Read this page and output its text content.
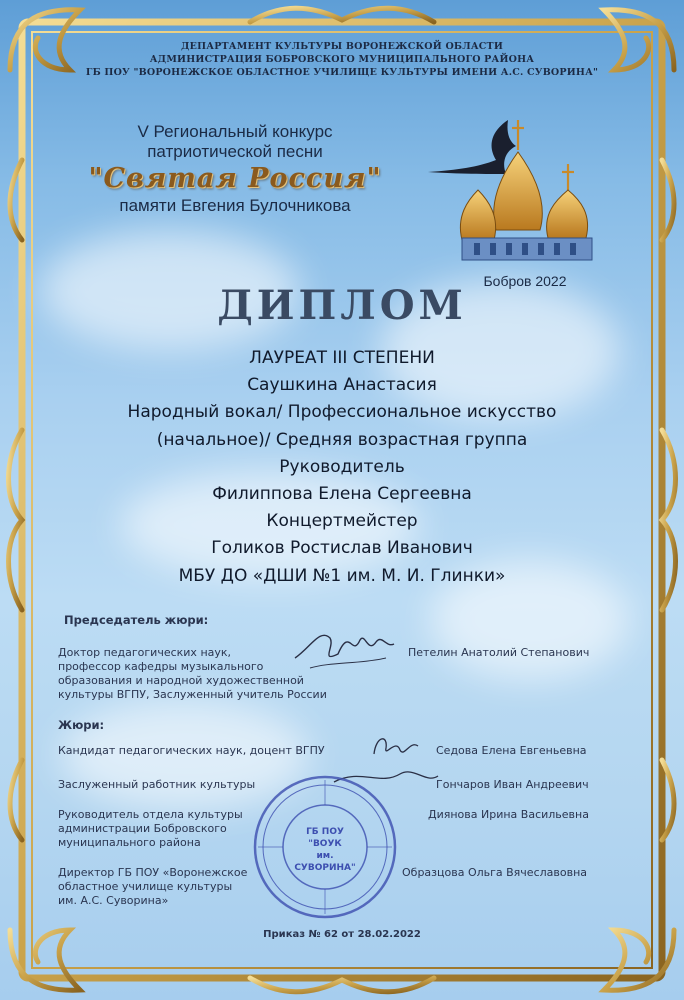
ДЕПАРТАМЕНТ КУЛЬТУРЫ ВОРОНЕЖСКОЙ ОБЛАСТИ
АДМИНИСТРАЦИЯ БОБРОВСКОГО МУНИЦИПАЛЬНОГО РАЙОНА
ГБ ПОУ "ВОРОНЕЖСКОЕ ОБЛАСТНОЕ УЧИЛИЩЕ КУЛЬТУРЫ ИМЕНИ А.С. СУВОРИНА"
V Региональный конкурс
патриотической песни
"Святая Россия"
памяти Евгения Булочникова
Бобров 2022
ДИПЛОМ
ЛАУРЕАТ III СТЕПЕНИ
Саушкина Анастасия
Народный вокал/ Профессиональное искусство
(начальное)/ Средняя возрастная группа
Руководитель
Филиппова Елена Сергеевна
Концертмейстер
Голиков Ростислав Иванович
МБУ ДО «ДШИ №1 им. М. И. Глинки»
Председатель жюри:
Доктор педагогических наук,
профессор кафедры музыкального
образования и народной художественной
культуры ВГПУ, Заслуженный учитель России
Петелин Анатолий Степанович
Жюри:
Кандидат педагогических наук, доцент ВГПУ	Седова Елена Евгеньевна
Заслуженный работник культуры	Гончаров Иван Андреевич
Руководитель отдела культуры
администрации Бобровского
муниципального района
Диянова Ирина Васильевна
Директор ГБ ПОУ «Воронежское
областное училище культуры
им. А.С. Суворина»
Образцова Ольга Вячеславовна
ГБ ПОУ
"ВОУК
им.
СУВОРИНА"
Приказ № 62 от 28.02.2022
